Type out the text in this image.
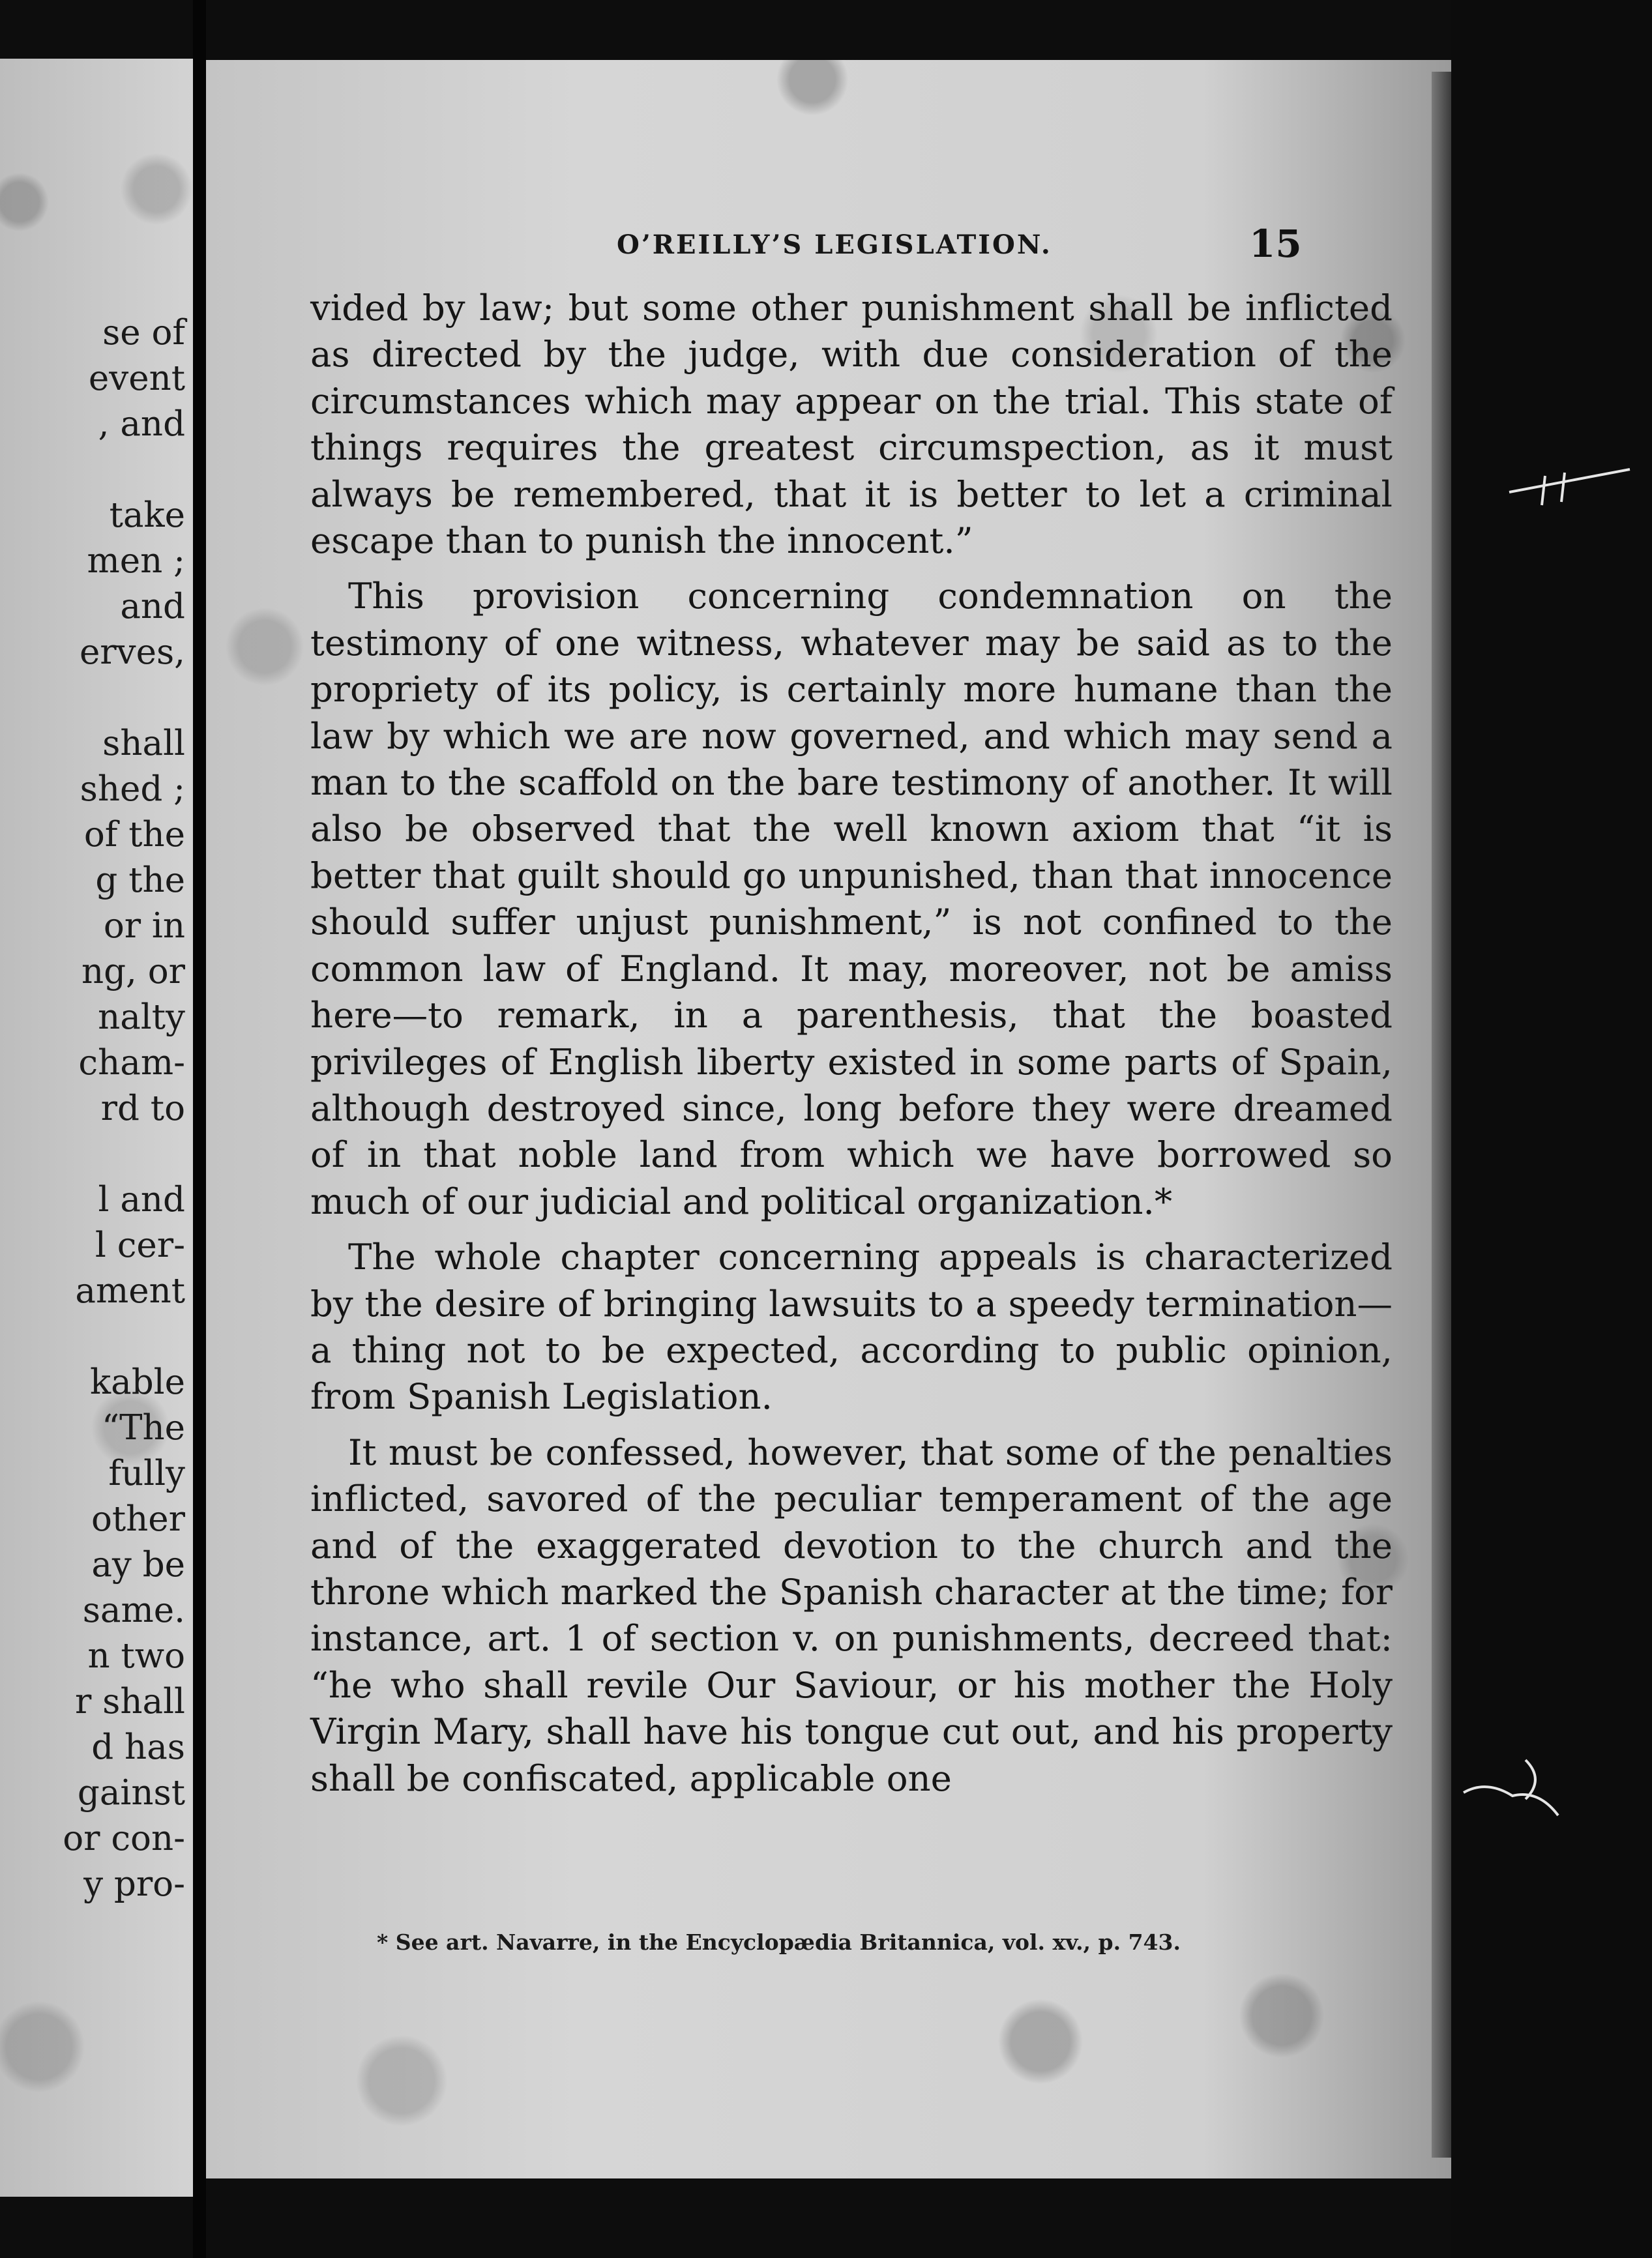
se of
event
, and
take
men ;
and
erves,
shall
shed ;
of the
g the
or in
ng, or
nalty
cham-
rd to
l and
l cer-
ament
kable
“The
fully
other
ay be
same.
n two
r shall
d has
gainst
or con-
y pro-
O’REILLY’S LEGISLATION.	15

vided by law; but some other punishment shall be inflicted as directed by the judge, with due consideration of the circumstances which may appear on the trial. This state of things requires the greatest circumspection, as it must always be remembered, that it is better to let a criminal escape than to punish the innocent.”

This provision concerning condemnation on the testimony of one witness, whatever may be said as to the propriety of its policy, is certainly more humane than the law by which we are now governed, and which may send a man to the scaffold on the bare testimony of another. It will also be observed that the well known axiom that “it is better that guilt should go unpunished, than that innocence should suffer unjust punishment,” is not confined to the common law of England. It may, moreover, not be amiss here—to remark, in a parenthesis, that the boasted privileges of English liberty existed in some parts of Spain, although destroyed since, long before they were dreamed of in that noble land from which we have borrowed so much of our judicial and political organization.*

The whole chapter concerning appeals is characterized by the desire of bringing lawsuits to a speedy termination—a thing not to be expected, according to public opinion, from Spanish Legislation.

It must be confessed, however, that some of the penalties inflicted, savored of the peculiar temperament of the age and of the exaggerated devotion to the church and the throne which marked the Spanish character at the time; for instance, art. 1 of section v. on punishments, decreed that: “he who shall revile Our Saviour, or his mother the Holy Virgin Mary, shall have his tongue cut out, and his property shall be confiscated, applicable one

* See art. Navarre, in the Encyclopædia Britannica, vol. xv., p. 743.
